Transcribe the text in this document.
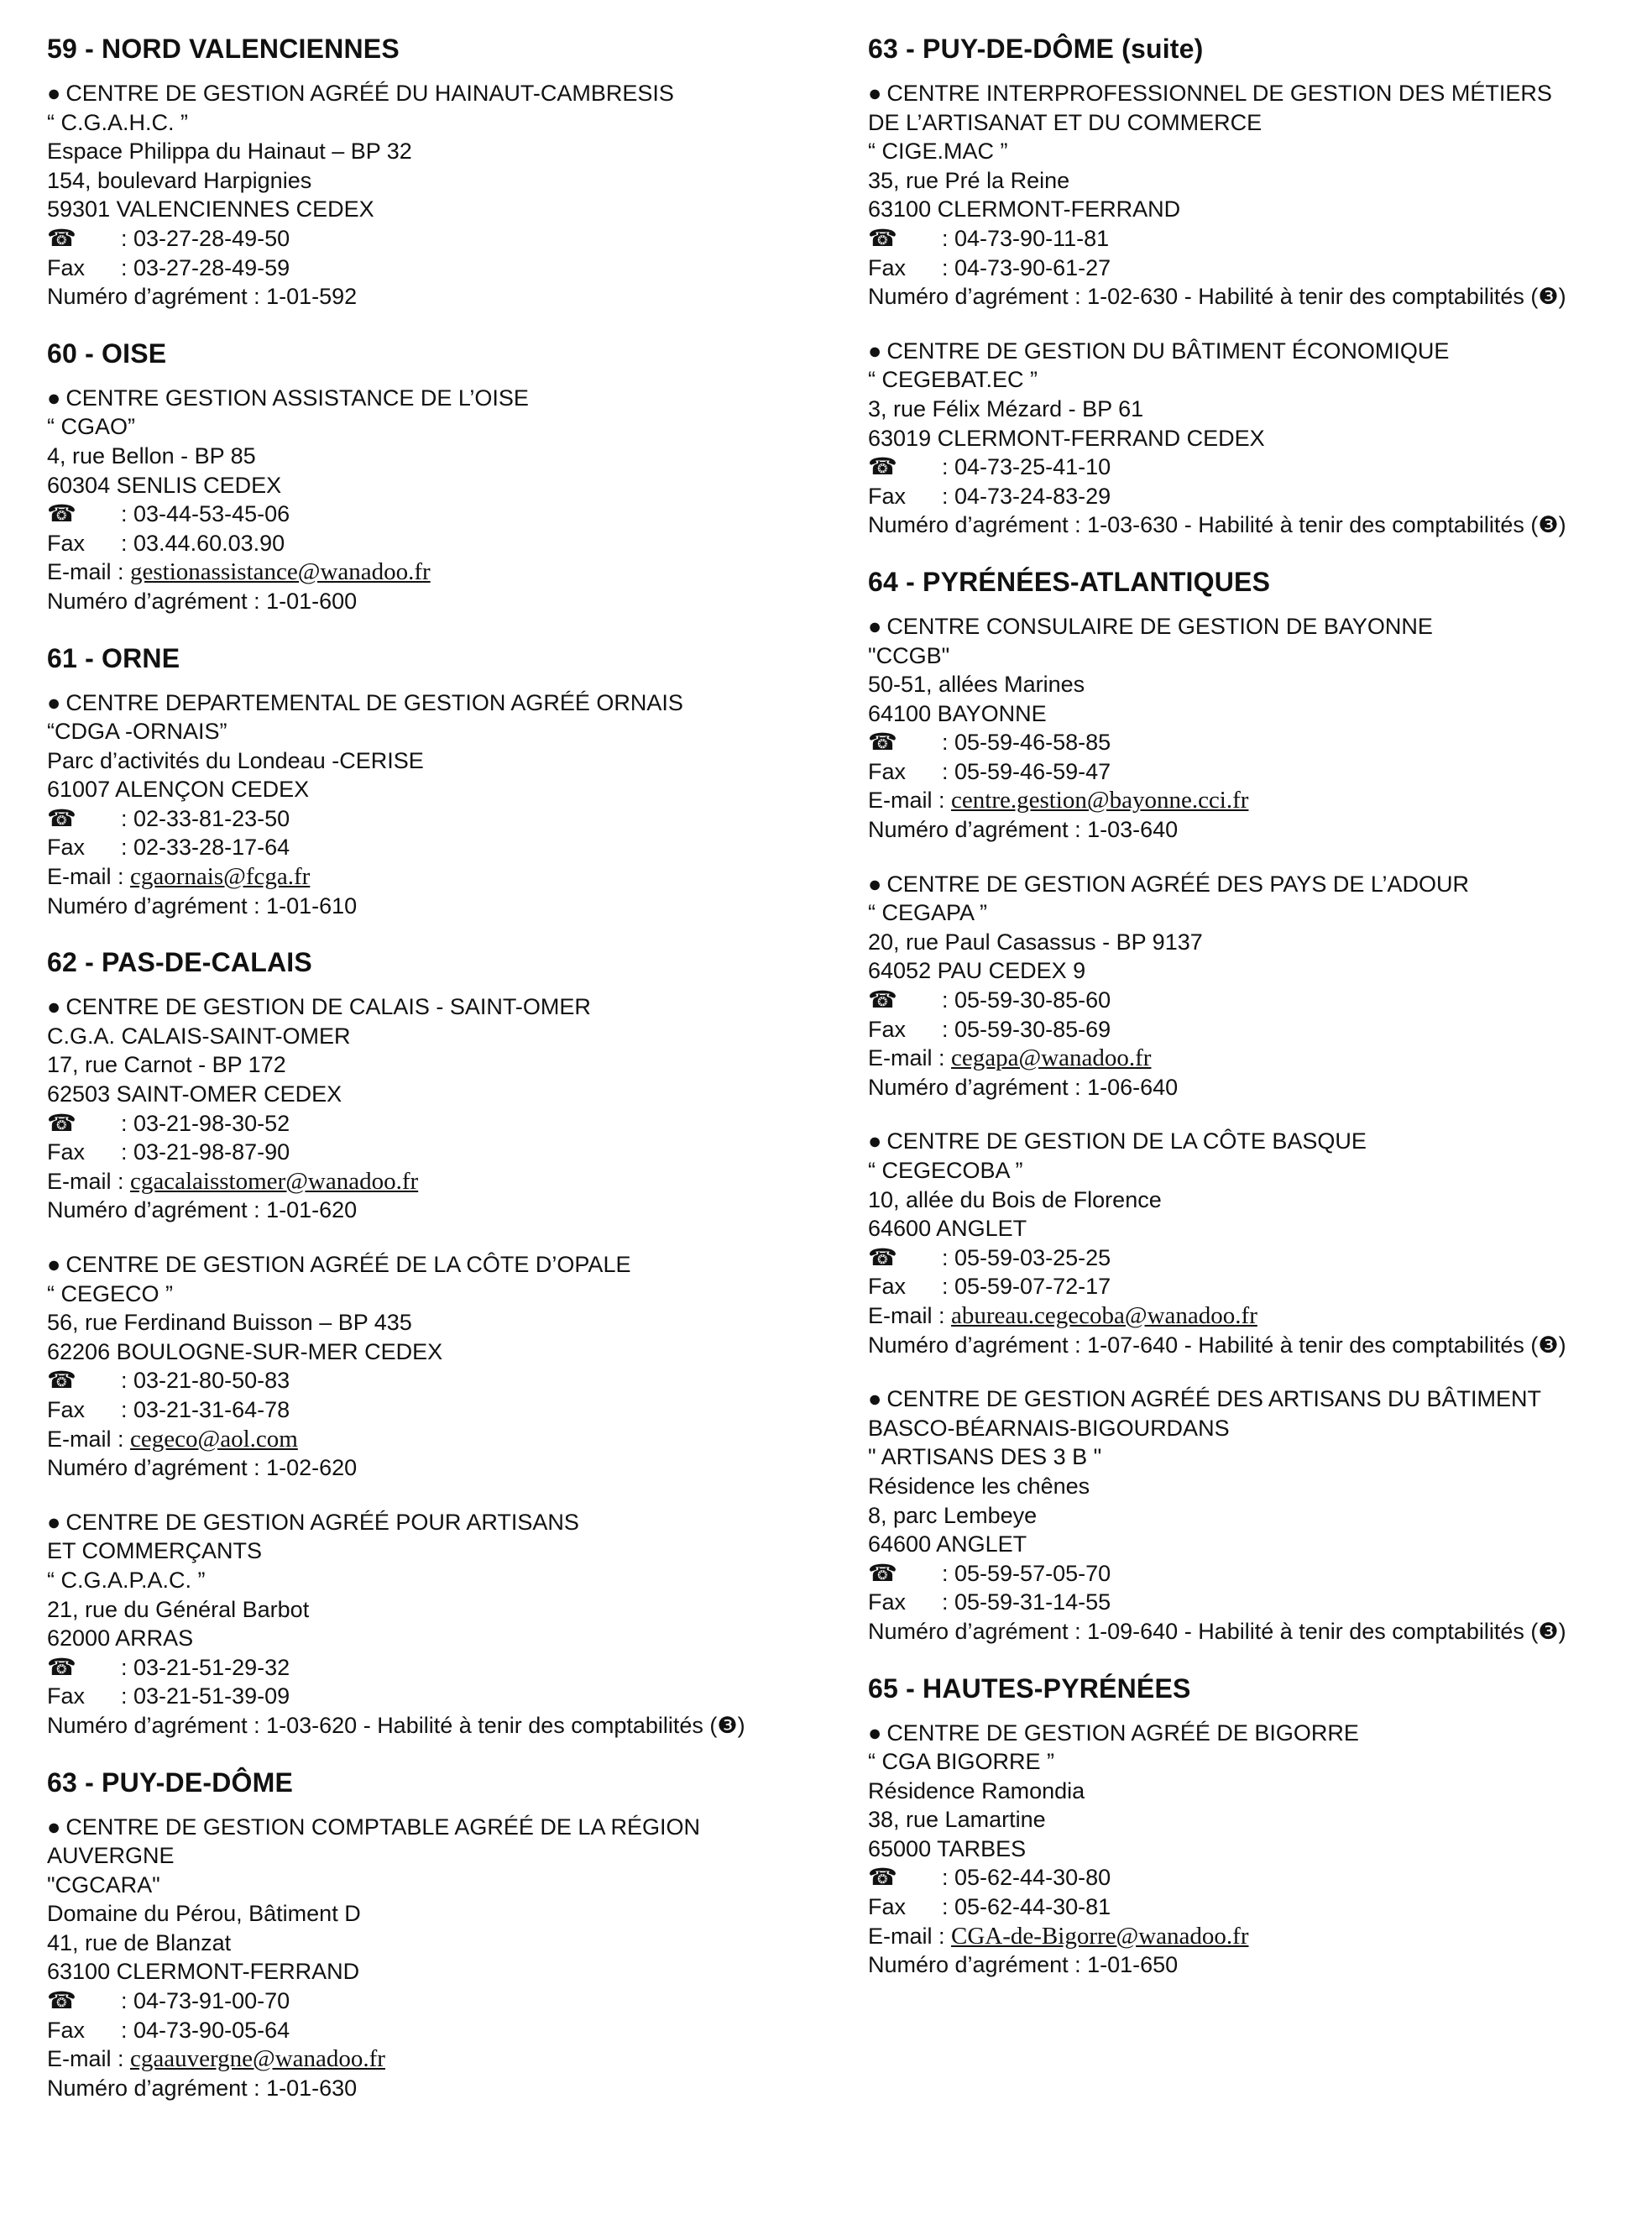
59 - NORD VALENCIENNES
● CENTRE DE GESTION AGRÉÉ DU HAINAUT-CAMBRESIS
“ C.G.A.H.C. ”
Espace Philippa du Hainaut – BP 32
154, boulevard Harpignies
59301 VALENCIENNES CEDEX
☎ : 03-27-28-49-50
Fax : 03-27-28-49-59
Numéro d’agrément : 1-01-592
60 - OISE
● CENTRE GESTION ASSISTANCE DE L’OISE
“ CGAO”
4, rue Bellon - BP 85
60304 SENLIS CEDEX
☎ : 03-44-53-45-06
Fax : 03.44.60.03.90
E-mail : gestionassistance@wanadoo.fr
Numéro d’agrément : 1-01-600
61 - ORNE
● CENTRE DEPARTEMENTAL DE GESTION AGRÉÉ ORNAIS
“CDGA -ORNAIS”
Parc d’activités du Londeau -CERISE
61007 ALENÇON CEDEX
☎ : 02-33-81-23-50
Fax : 02-33-28-17-64
E-mail : cgaornais@fcga.fr
Numéro d’agrément : 1-01-610
62 - PAS-DE-CALAIS
● CENTRE DE GESTION DE CALAIS - SAINT-OMER
C.G.A. CALAIS-SAINT-OMER
17, rue Carnot - BP 172
62503 SAINT-OMER CEDEX
☎ : 03-21-98-30-52
Fax : 03-21-98-87-90
E-mail : cgacalaisstomer@wanadoo.fr
Numéro d’agrément : 1-01-620
● CENTRE DE GESTION AGRÉÉ DE LA CÔTE D’OPALE
“ CEGECO ”
56, rue Ferdinand Buisson – BP 435
62206 BOULOGNE-SUR-MER CEDEX
☎ : 03-21-80-50-83
Fax : 03-21-31-64-78
E-mail : cegeco@aol.com
Numéro d’agrément : 1-02-620
● CENTRE DE GESTION AGRÉÉ POUR ARTISANS
ET COMMERÇANTS
“ C.G.A.P.A.C. ”
21, rue du Général Barbot
62000 ARRAS
☎ : 03-21-51-29-32
Fax : 03-21-51-39-09
Numéro d’agrément : 1-03-620 - Habilité à tenir des comptabilités (❸)
63 - PUY-DE-DÔME
● CENTRE DE GESTION COMPTABLE AGRÉÉ DE LA RÉGION
AUVERGNE
"CGCARA"
Domaine du Pérou, Bâtiment D
41, rue de Blanzat
63100 CLERMONT-FERRAND
☎ : 04-73-91-00-70
Fax : 04-73-90-05-64
E-mail : cgaauvergne@wanadoo.fr
Numéro d’agrément : 1-01-630
63 - PUY-DE-DÔME (suite)
● CENTRE INTERPROFESSIONNEL DE GESTION DES MÉTIERS
DE L’ARTISANAT ET DU COMMERCE
“ CIGE.MAC ”
35, rue Pré la Reine
63100 CLERMONT-FERRAND
☎ : 04-73-90-11-81
Fax : 04-73-90-61-27
Numéro d’agrément : 1-02-630 - Habilité à tenir des comptabilités (❸)
● CENTRE DE GESTION DU BÂTIMENT ÉCONOMIQUE
“ CEGEBAT.EC ”
3, rue Félix Mézard - BP 61
63019 CLERMONT-FERRAND CEDEX
☎ : 04-73-25-41-10
Fax : 04-73-24-83-29
Numéro d’agrément : 1-03-630 - Habilité à tenir des comptabilités (❸)
64 - PYRÉNÉES-ATLANTIQUES
● CENTRE CONSULAIRE DE GESTION DE BAYONNE
"CCGB"
50-51, allées Marines
64100 BAYONNE
☎ : 05-59-46-58-85
Fax : 05-59-46-59-47
E-mail : centre.gestion@bayonne.cci.fr
Numéro d’agrément : 1-03-640
● CENTRE DE GESTION AGRÉÉ DES PAYS DE L’ADOUR
“ CEGAPA ”
20, rue Paul Casassus - BP 9137
64052 PAU CEDEX 9
☎ : 05-59-30-85-60
Fax : 05-59-30-85-69
E-mail : cegapa@wanadoo.fr
Numéro d’agrément : 1-06-640
● CENTRE DE GESTION DE LA CÔTE BASQUE
“ CEGECOBA ”
10, allée du Bois de Florence
64600 ANGLET
☎ : 05-59-03-25-25
Fax : 05-59-07-72-17
E-mail : abureau.cegecoba@wanadoo.fr
Numéro d’agrément : 1-07-640 - Habilité à tenir des comptabilités (❸)
● CENTRE DE GESTION AGRÉÉ DES ARTISANS DU BÂTIMENT
BASCO-BÉARNAIS-BIGOURDANS
" ARTISANS DES 3 B "
Résidence les chênes
8, parc Lembeye
64600 ANGLET
☎ : 05-59-57-05-70
Fax : 05-59-31-14-55
Numéro d’agrément : 1-09-640 - Habilité à tenir des comptabilités (❸)
65 - HAUTES-PYRÉNÉES
● CENTRE DE GESTION AGRÉÉ DE BIGORRE
“ CGA BIGORRE ”
Résidence Ramondia
38, rue Lamartine
65000 TARBES
☎ : 05-62-44-30-80
Fax : 05-62-44-30-81
E-mail : CGA-de-Bigorre@wanadoo.fr
Numéro d’agrément : 1-01-650
